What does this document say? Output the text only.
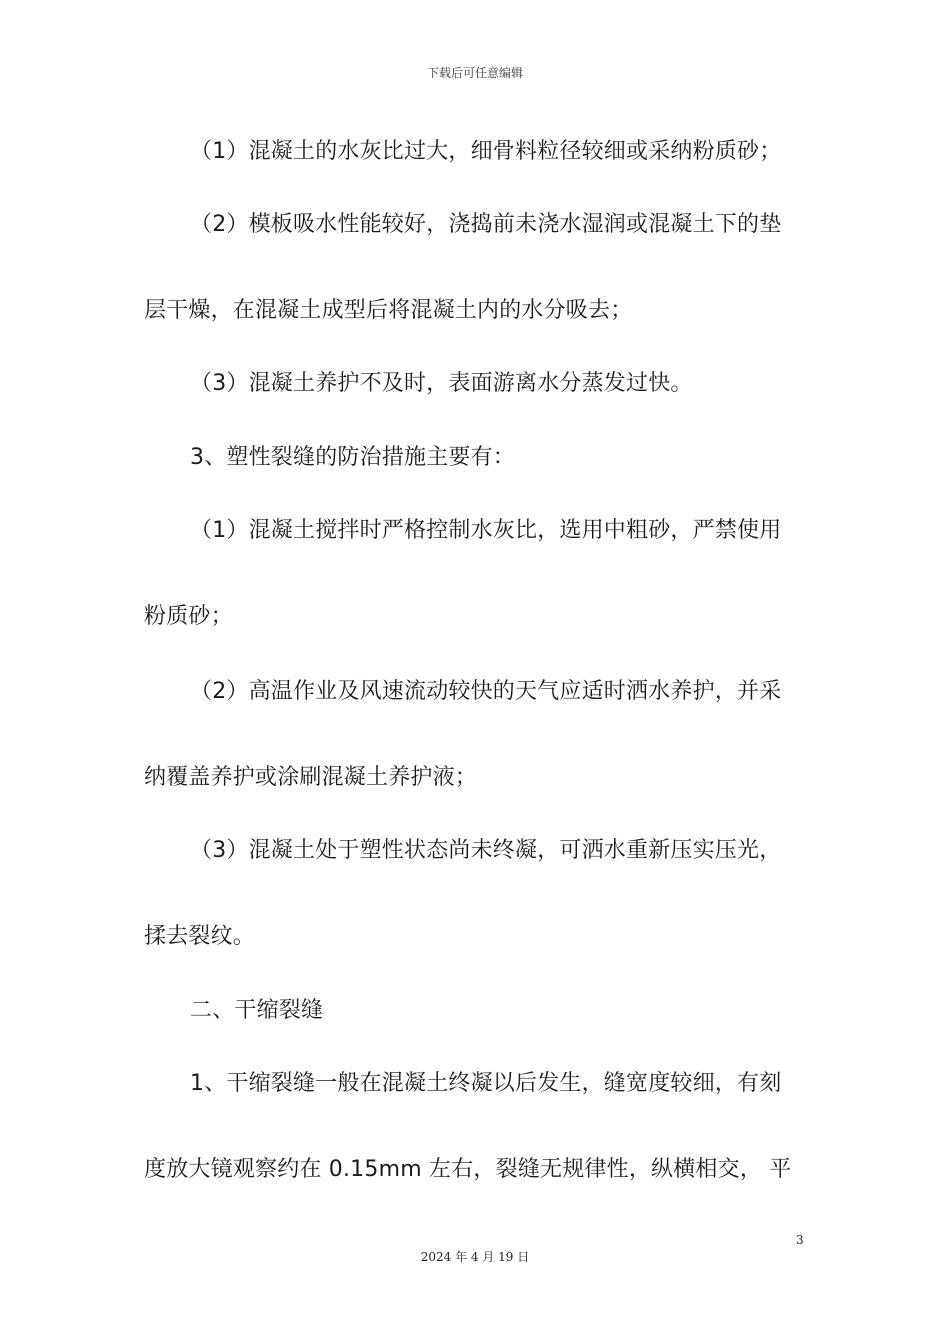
下载后可任意编辑
（1）混凝土的水灰比过大，细骨料粒径较细或采纳粉质砂；
（2）模板吸水性能较好，浇捣前未浇水湿润或混凝土下的垫
层干燥，在混凝土成型后将混凝土内的水分吸去；
（3）混凝土养护不及时，表面游离水分蒸发过快。
3、塑性裂缝的防治措施主要有：
（1）混凝土搅拌时严格控制水灰比，选用中粗砂，严禁使用
粉质砂；
（2）高温作业及风速流动较快的天气应适时洒水养护，并采
纳覆盖养护或涂刷混凝土养护液；
（3）混凝土处于塑性状态尚未终凝，可洒水重新压实压光，
揉去裂纹。
二、干缩裂缝
1、干缩裂缝一般在混凝土终凝以后发生，缝宽度较细，有刻
度放大镜观察约在 0.15mm 左右，裂缝无规律性，纵横相交， 平
3
2024 年 4 月 19 日
